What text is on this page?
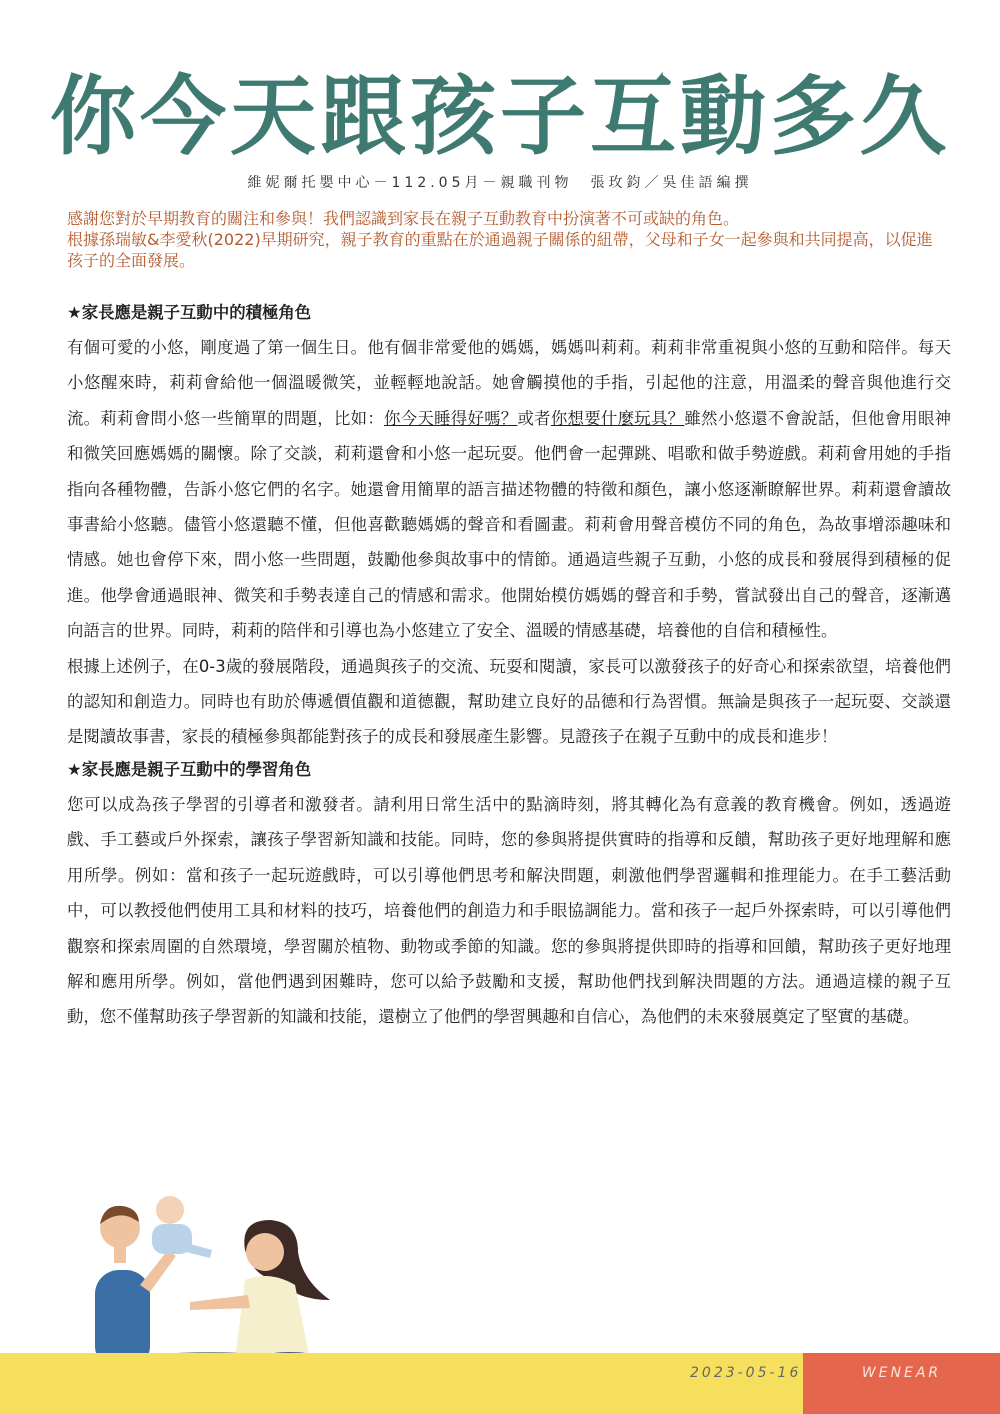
你今天跟孩子互動多久
維妮爾托嬰中心－112.05月－親職刊物　張玫鈞／吳佳語編撰

感謝您對於早期教育的關注和參與！我們認識到家長在親子互動教育中扮演著不可或缺的角色。

根據孫瑞敏&李愛秋(2022)早期研究，親子教育的重點在於通過親子關係的紐帶，父母和子女一起參與和共同提高，以促進孩子的全面發展。

★家長應是親子互動中的積極角色

有個可愛的小悠，剛度過了第一個生日。他有個非常愛他的媽媽，媽媽叫莉莉。莉莉非常重視與小悠的互動和陪伴。每天小悠醒來時，莉莉會給他一個溫暖微笑，並輕輕地說話。她會觸摸他的手指，引起他的注意，用溫柔的聲音與他進行交流。莉莉會問小悠一些簡單的問題，比如：你今天睡得好嗎？或者你想要什麼玩具？雖然小悠還不會說話，但他會用眼神和微笑回應媽媽的關懷。除了交談，莉莉還會和小悠一起玩耍。他們會一起彈跳、唱歌和做手勢遊戲。莉莉會用她的手指指向各種物體，告訴小悠它們的名字。她還會用簡單的語言描述物體的特徵和顏色，讓小悠逐漸瞭解世界。莉莉還會讀故事書給小悠聽。儘管小悠還聽不懂，但他喜歡聽媽媽的聲音和看圖畫。莉莉會用聲音模仿不同的角色，為故事增添趣味和情感。她也會停下來，問小悠一些問題，鼓勵他參與故事中的情節。通過這些親子互動，小悠的成長和發展得到積極的促進。他學會通過眼神、微笑和手勢表達自己的情感和需求。他開始模仿媽媽的聲音和手勢，嘗試發出自己的聲音，逐漸邁向語言的世界。同時，莉莉的陪伴和引導也為小悠建立了安全、溫暖的情感基礎，培養他的自信和積極性。

根據上述例子，在0-3歲的發展階段，通過與孩子的交流、玩耍和閱讀，家長可以激發孩子的好奇心和探索欲望，培養他們的認知和創造力。同時也有助於傳遞價值觀和道德觀，幫助建立良好的品德和行為習慣。無論是與孩子一起玩耍、交談還是閱讀故事書，家長的積極參與都能對孩子的成長和發展產生影響。見證孩子在親子互動中的成長和進步！

★家長應是親子互動中的學習角色

您可以成為孩子學習的引導者和激發者。請利用日常生活中的點滴時刻，將其轉化為有意義的教育機會。例如，透過遊戲、手工藝或戶外探索，讓孩子學習新知識和技能。同時，您的參與將提供實時的指導和反饋，幫助孩子更好地理解和應用所學。例如：當和孩子一起玩遊戲時，可以引導他們思考和解決問題，刺激他們學習邏輯和推理能力。在手工藝活動中，可以教授他們使用工具和材料的技巧，培養他們的創造力和手眼協調能力。當和孩子一起戶外探索時，可以引導他們觀察和探索周圍的自然環境，學習關於植物、動物或季節的知識。您的參與將提供即時的指導和回饋，幫助孩子更好地理解和應用所學。例如，當他們遇到困難時，您可以給予鼓勵和支援，幫助他們找到解決問題的方法。通過這樣的親子互動，您不僅幫助孩子學習新的知識和技能，還樹立了他們的學習興趣和自信心，為他們的未來發展奠定了堅實的基礎。

2023-05-16	WENEAR
